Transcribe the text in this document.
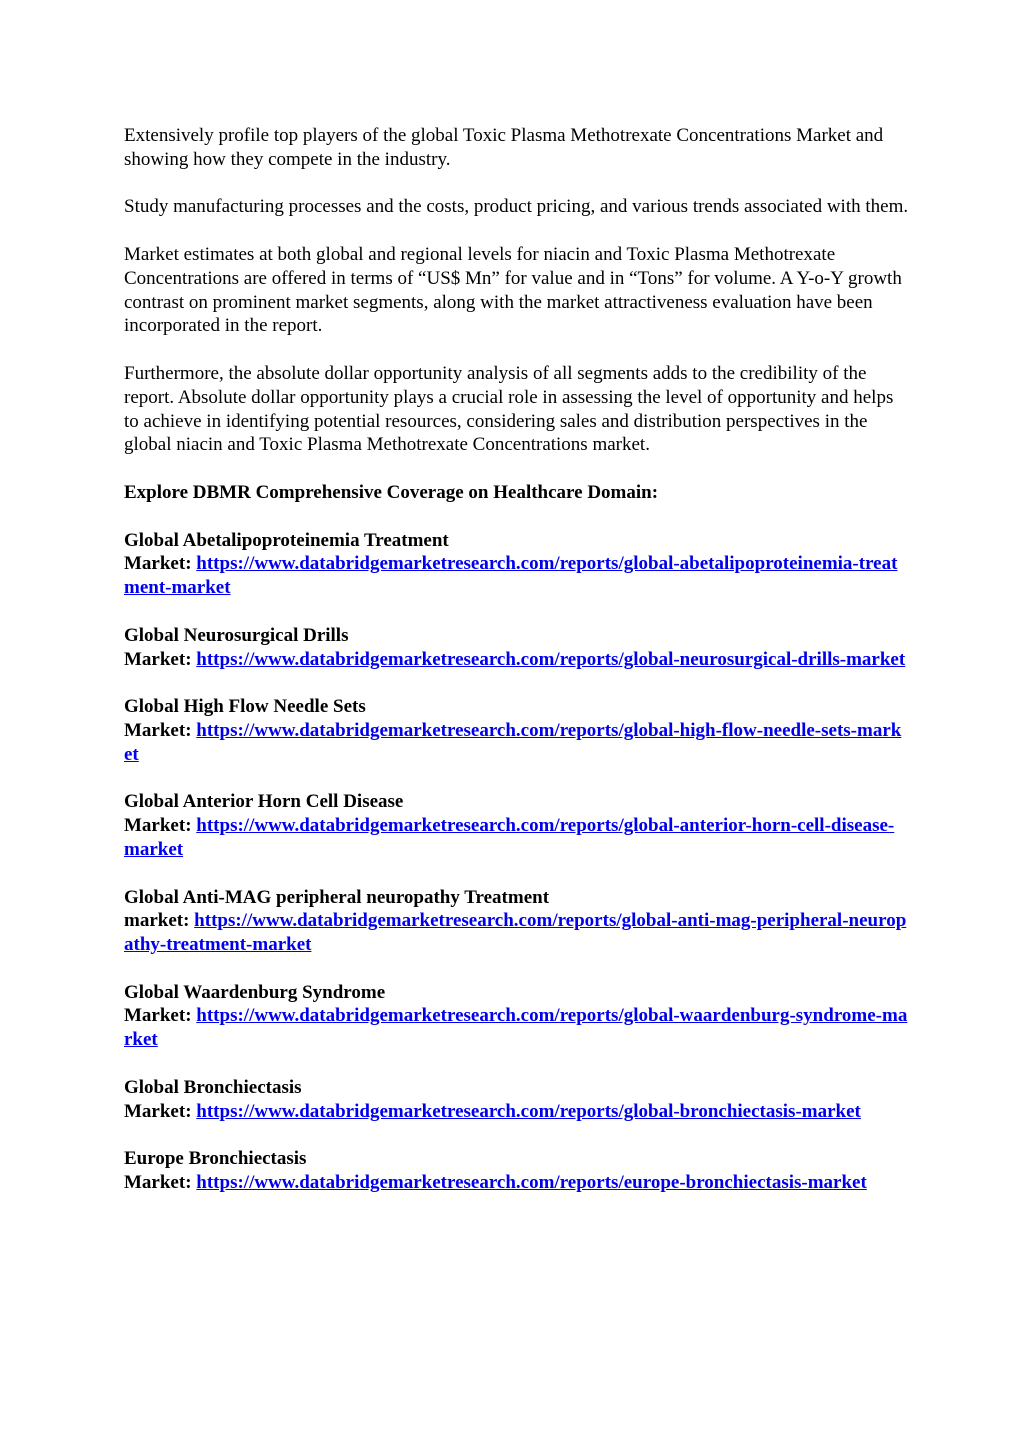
Extensively profile top players of the global Toxic Plasma Methotrexate Concentrations Market and showing how they compete in the industry.

Study manufacturing processes and the costs, product pricing, and various trends associated with them.

Market estimates at both global and regional levels for niacin and Toxic Plasma Methotrexate Concentrations are offered in terms of “US$ Mn” for value and in “Tons” for volume. A Y-o-Y growth contrast on prominent market segments, along with the market attractiveness evaluation have been incorporated in the report.

Furthermore, the absolute dollar opportunity analysis of all segments adds to the credibility of the report. Absolute dollar opportunity plays a crucial role in assessing the level of opportunity and helps to achieve in identifying potential resources, considering sales and distribution perspectives in the global niacin and Toxic Plasma Methotrexate Concentrations market.

Explore DBMR Comprehensive Coverage on Healthcare Domain:

Global Abetalipoproteinemia Treatment
Market: https://www.databridgemarketresearch.com/reports/global-abetalipoproteinemia-treatment-market
Global Neurosurgical Drills
Market: https://www.databridgemarketresearch.com/reports/global-neurosurgical-drills-market
Global High Flow Needle Sets
Market: https://www.databridgemarketresearch.com/reports/global-high-flow-needle-sets-market
Global Anterior Horn Cell Disease
Market: https://www.databridgemarketresearch.com/reports/global-anterior-horn-cell-disease-market
Global Anti-MAG peripheral neuropathy Treatment
market: https://www.databridgemarketresearch.com/reports/global-anti-mag-peripheral-neuropathy-treatment-market
Global Waardenburg Syndrome
Market: https://www.databridgemarketresearch.com/reports/global-waardenburg-syndrome-market
Global Bronchiectasis
Market: https://www.databridgemarketresearch.com/reports/global-bronchiectasis-market
Europe Bronchiectasis
Market: https://www.databridgemarketresearch.com/reports/europe-bronchiectasis-market
